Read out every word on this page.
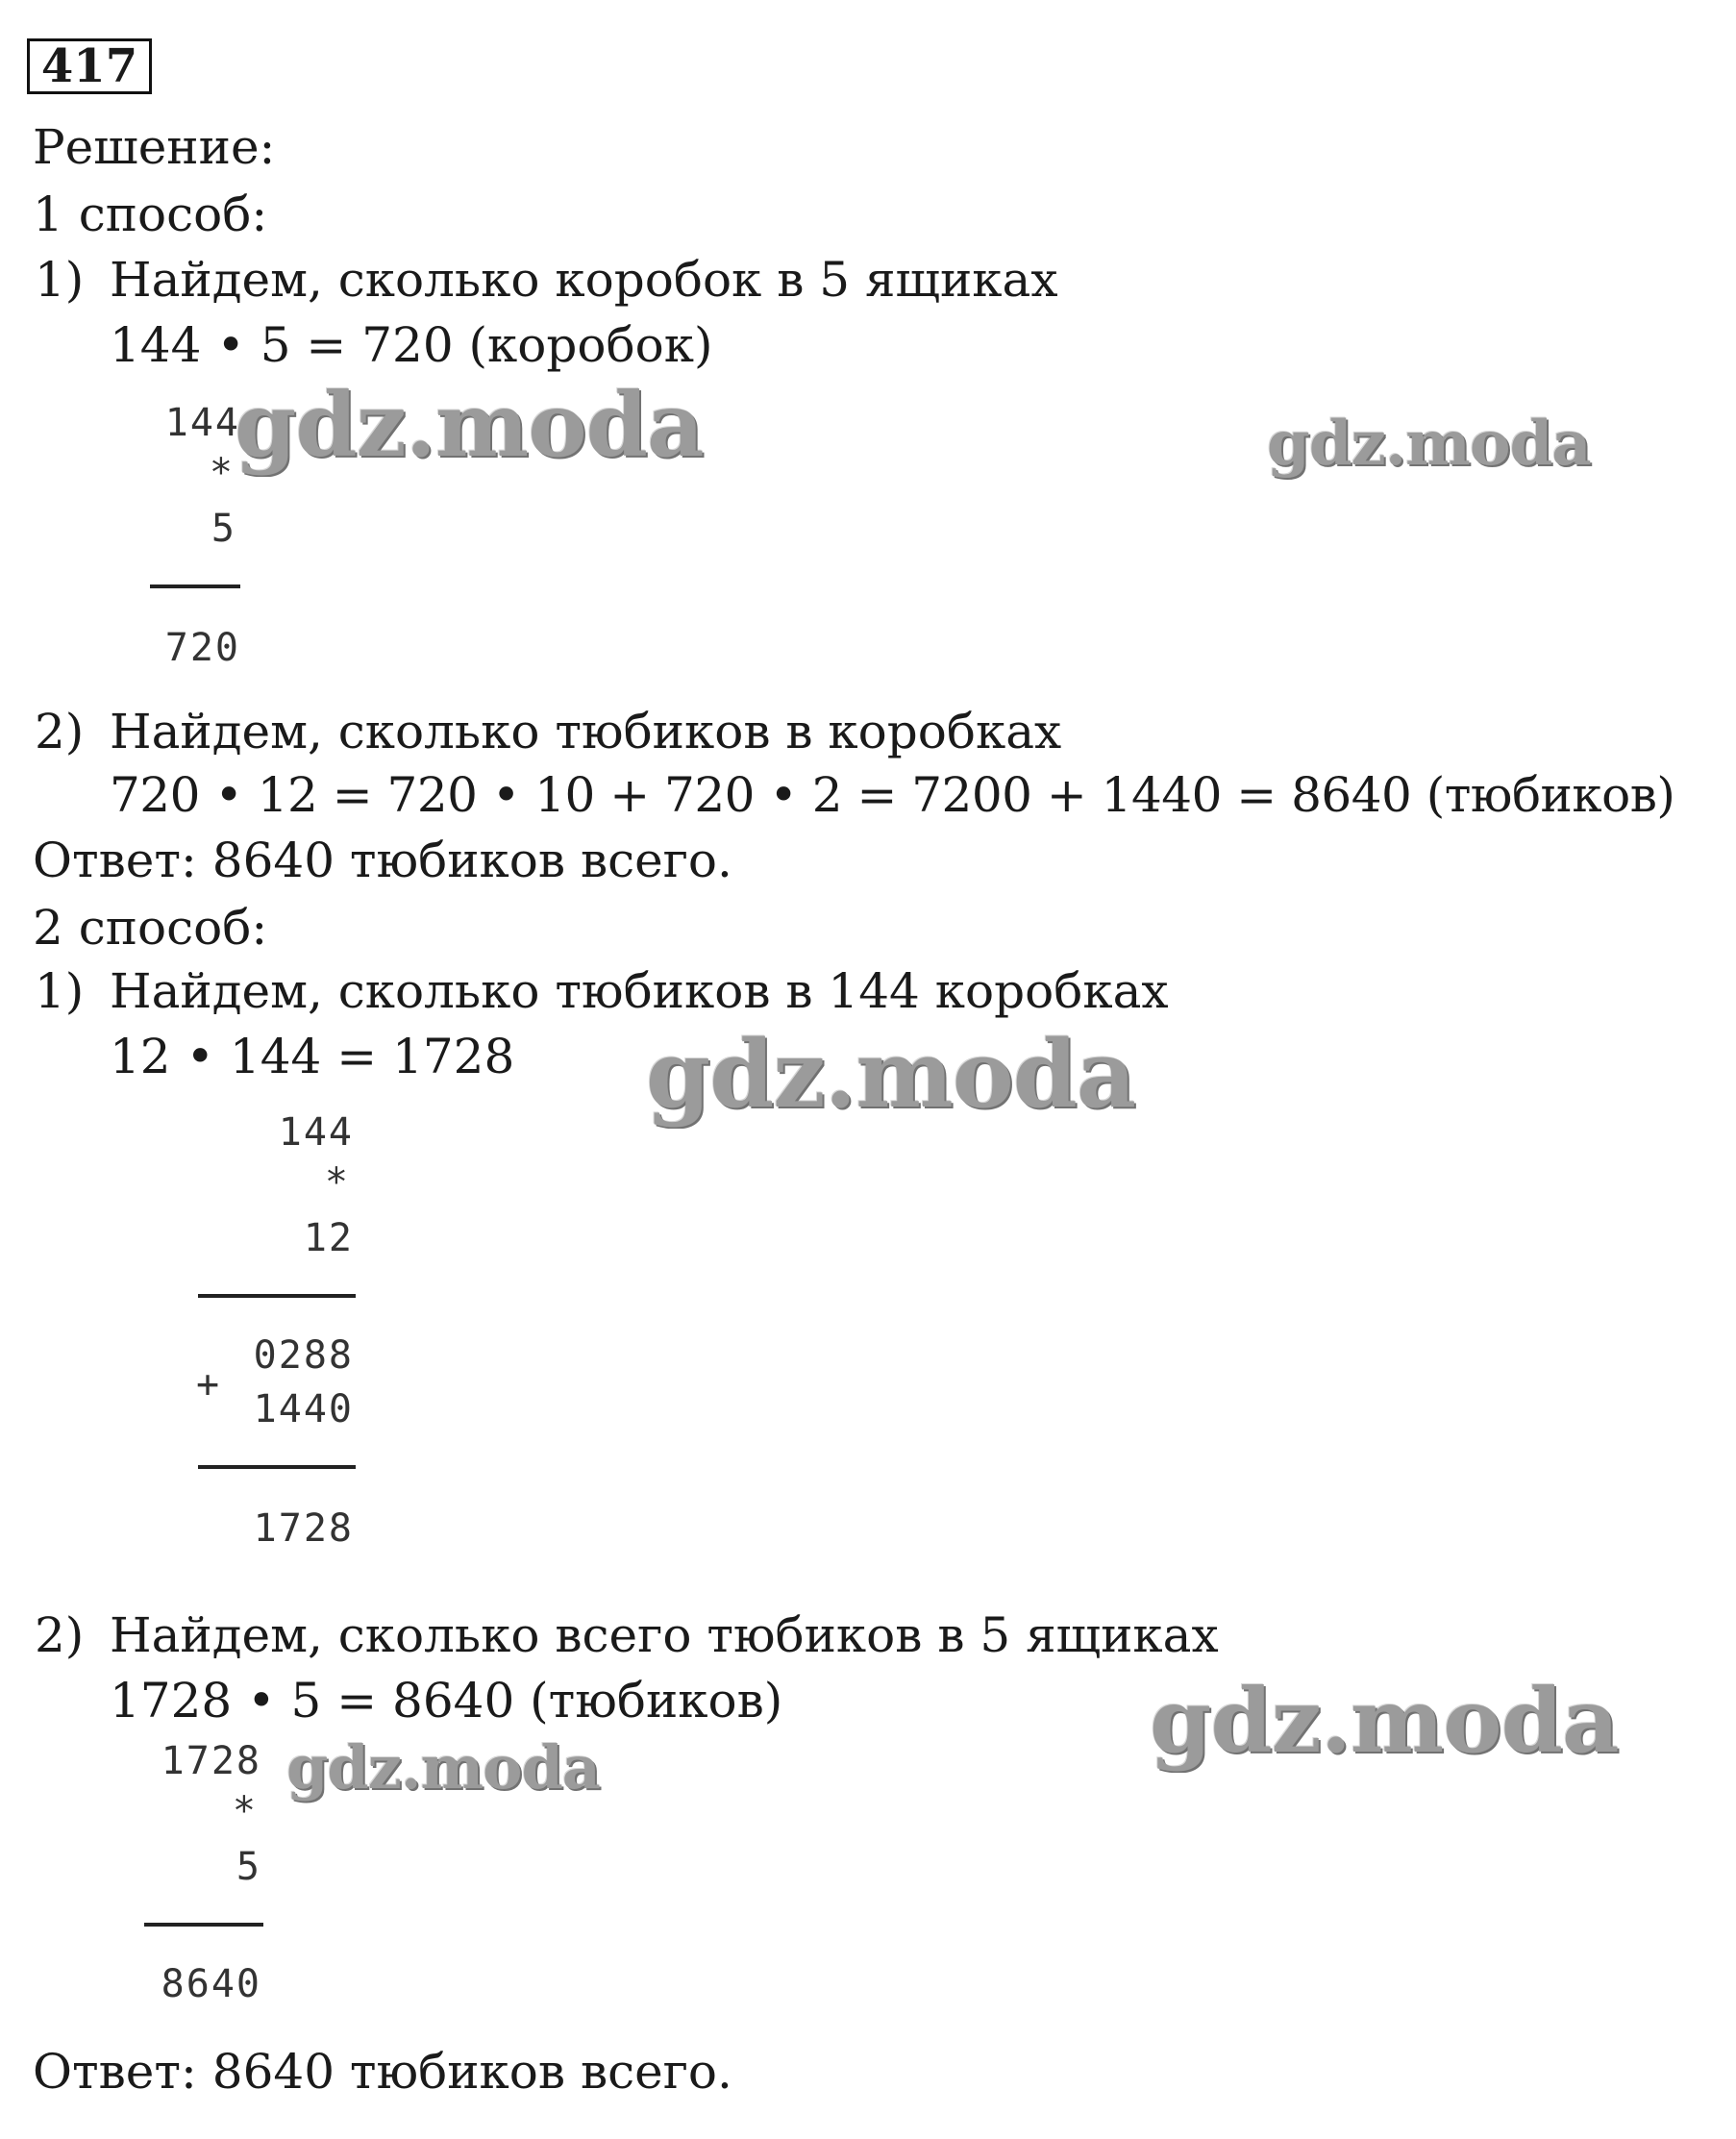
417
Решение:
1 способ:
1) Найдем, сколько коробок в 5 ящиках
144 • 5 = 720 (коробок)
144
*
5
720
2) Найдем, сколько тюбиков в коробках
720 • 12 = 720 • 10 + 720 • 2 = 7200 + 1440 = 8640 (тюбиков)
Ответ: 8640 тюбиков всего.
2 способ:
1) Найдем, сколько тюбиков в 144 коробках
12 • 144 = 1728
144
*
12
0288
+
1440
1728
2) Найдем, сколько всего тюбиков в 5 ящиках
1728 • 5 = 8640 (тюбиков)
1728
*
5
8640
Ответ: 8640 тюбиков всего.
gdz.moda	gdz.moda
gdz.moda
gdz.moda
gdz.moda
